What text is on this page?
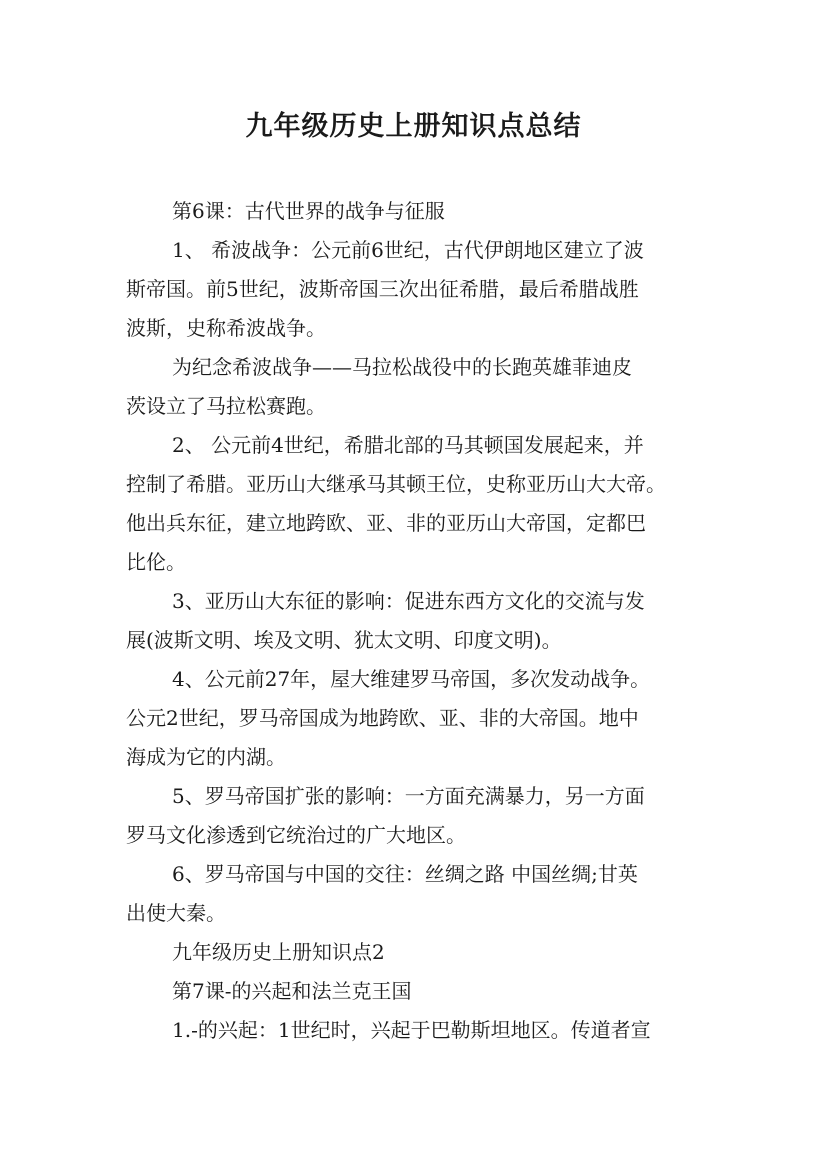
九年级历史上册知识点总结
第6课：古代世界的战争与征服
1、 希波战争：公元前6世纪，古代伊朗地区建立了波
斯帝国。前5世纪，波斯帝国三次出征希腊，最后希腊战胜
波斯，史称希波战争。
为纪念希波战争——马拉松战役中的长跑英雄菲迪皮
茨设立了马拉松赛跑。
2、 公元前4世纪，希腊北部的马其顿国发展起来，并
控制了希腊。亚历山大继承马其顿王位，史称亚历山大大帝。
他出兵东征，建立地跨欧、亚、非的亚历山大帝国，定都巴
比伦。
3、亚历山大东征的影响：促进东西方文化的交流与发
展(波斯文明、埃及文明、犹太文明、印度文明)。
4、公元前27年，屋大维建罗马帝国，多次发动战争。
公元2世纪，罗马帝国成为地跨欧、亚、非的大帝国。地中
海成为它的内湖。
5、罗马帝国扩张的影响：一方面充满暴力，另一方面
罗马文化渗透到它统治过的广大地区。
6、罗马帝国与中国的交往：丝绸之路 中国丝绸;甘英
出使大秦。
九年级历史上册知识点2
第7课-的兴起和法兰克王国
1.-的兴起：1世纪时，兴起于巴勒斯坦地区。传道者宣
